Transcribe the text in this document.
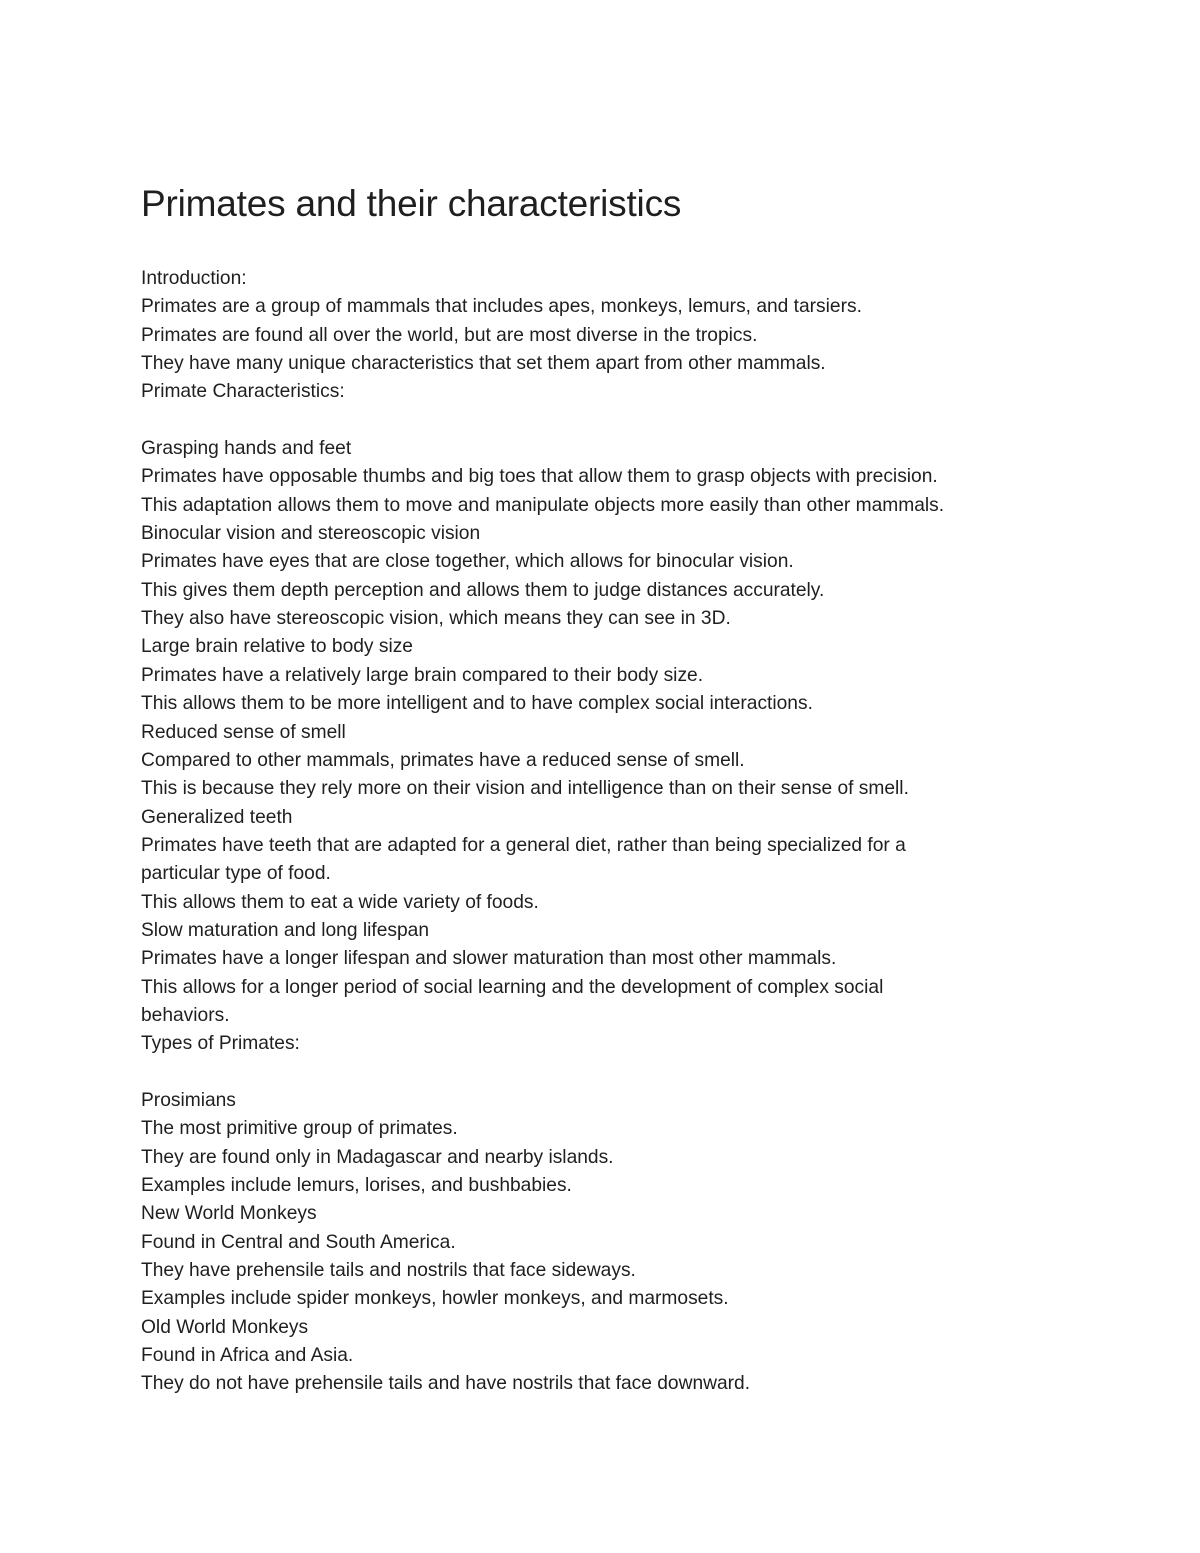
Primates and their characteristics
Introduction:
Primates are a group of mammals that includes apes, monkeys, lemurs, and tarsiers.
Primates are found all over the world, but are most diverse in the tropics.
They have many unique characteristics that set them apart from other mammals.
Primate Characteristics:
Grasping hands and feet
Primates have opposable thumbs and big toes that allow them to grasp objects with precision.
This adaptation allows them to move and manipulate objects more easily than other mammals.
Binocular vision and stereoscopic vision
Primates have eyes that are close together, which allows for binocular vision.
This gives them depth perception and allows them to judge distances accurately.
They also have stereoscopic vision, which means they can see in 3D.
Large brain relative to body size
Primates have a relatively large brain compared to their body size.
This allows them to be more intelligent and to have complex social interactions.
Reduced sense of smell
Compared to other mammals, primates have a reduced sense of smell.
This is because they rely more on their vision and intelligence than on their sense of smell.
Generalized teeth
Primates have teeth that are adapted for a general diet, rather than being specialized for a
particular type of food.
This allows them to eat a wide variety of foods.
Slow maturation and long lifespan
Primates have a longer lifespan and slower maturation than most other mammals.
This allows for a longer period of social learning and the development of complex social
behaviors.
Types of Primates:
Prosimians
The most primitive group of primates.
They are found only in Madagascar and nearby islands.
Examples include lemurs, lorises, and bushbabies.
New World Monkeys
Found in Central and South America.
They have prehensile tails and nostrils that face sideways.
Examples include spider monkeys, howler monkeys, and marmosets.
Old World Monkeys
Found in Africa and Asia.
They do not have prehensile tails and have nostrils that face downward.
